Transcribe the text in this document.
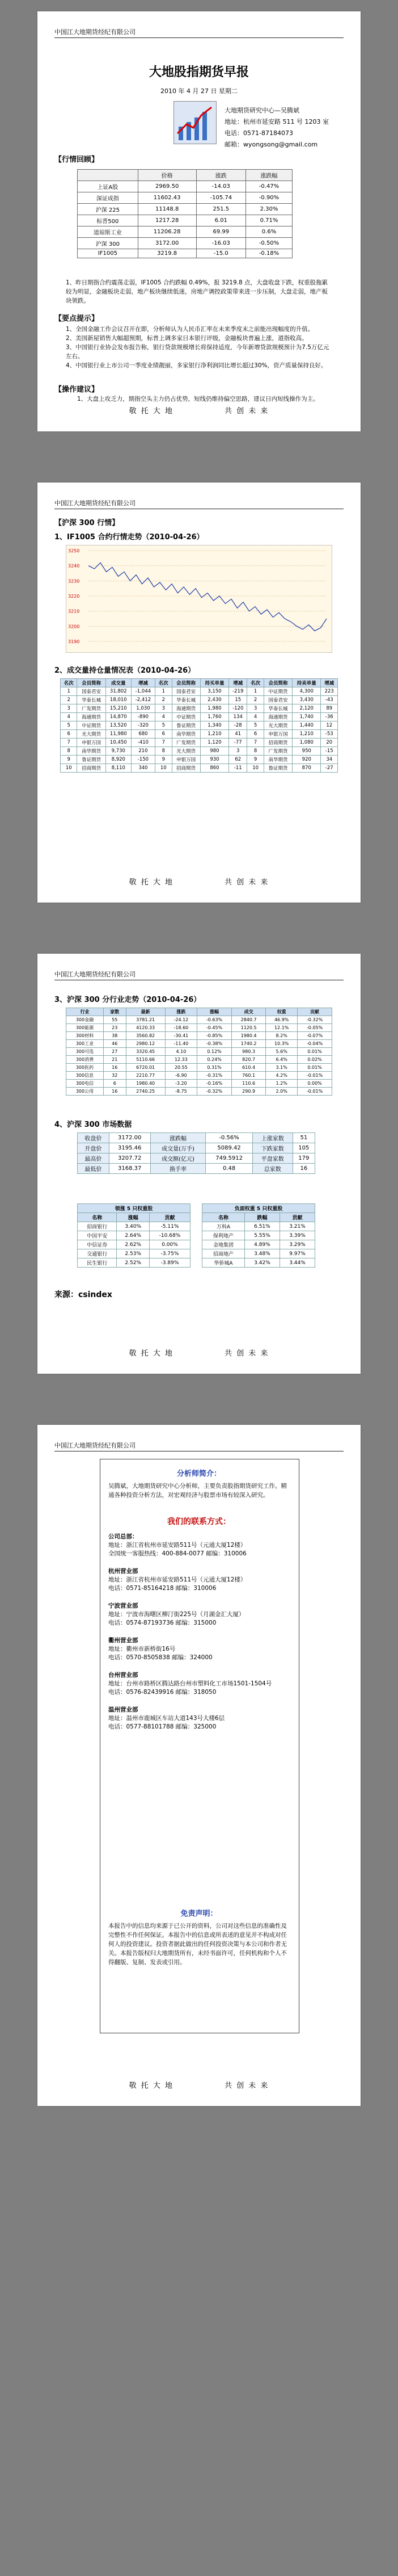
中国江大地期货经纪有限公司
大地股指期货早报
2010 年 4 月 27 日 星期二
大地期货研究中心—吴腾斌
地址：杭州市延安路 511 号 1203 室
电话：0571-87184073
邮箱：wyongsong@gmail.com
【行情回顾】
	价格	涨跌	涨跌幅
上证A股	2969.50	-14.03	-0.47%
深证成指	11602.43	-105.74	-0.90%
沪深 225	11148.8	251.5	2.30%
标普500	1217.28	6.01	0.71%
道琼斯工业	11206.28	69.99	0.6%
沪深 300	3172.00	-16.03	-0.50%
IF1005	3219.8	-15.0	-0.18%
1、昨日期指合约震荡走弱，IF1005 合约跌幅 0.49%，报 3219.8 点，大盘收盘下跌，权重股拖累较为明显，金融板块走弱，地产板块继续低迷，房地产调控政策带来进一步压制，大盘走弱，地产板块领跌。
【要点提示】
1、全国金融工作会议召开在即，分析师认为人民币汇率在未来季度末之前能出现幅度的升值。
2、美国新屋销售大幅超预期，标普上调多家日本银行评级，金融板块普遍上涨，道指收高。
3、中国银行业协会发布报告称，银行贷款规模增长将保持适度，今年新增贷款规模预计为7.5万亿元左右。
4、中国银行业上市公司一季度业绩靓丽，多家银行净利润同比增长超过30%，资产质量保持良好。
【操作建议】
1、大盘上攻乏力，期指空头主力仍占优势，短线仍维持偏空思路，建议日内短线操作为主。
敬 托 大 地	共 创 未 来
中国江大地期货经纪有限公司
【沪深 300 行情】
1、IF1005 合约行情走势（2010-04-26）
3190
3200
3210
3220
3230
3240
3250
2、成交量持仓量情况表（2010-04-26）
名次	会员简称	成交量	增减	名次	会员简称	持买单量	增减	名次	会员简称	持卖单量	增减
1	国泰君安	31,802	-1,044	1	国泰君安	3,150	-219	1	中证期货	4,300	223
2	华泰长城	18,010	-2,412	2	华泰长城	2,430	15	2	国泰君安	3,430	-43
3	广发期货	15,210	1,030	3	海通期货	1,980	-120	3	华泰长城	2,120	89
4	海通期货	14,870	-890	4	中证期货	1,760	134	4	海通期货	1,740	-36
5	中证期货	13,520	-320	5	鲁证期货	1,340	-28	5	光大期货	1,440	12
6	光大期货	11,980	680	6	南华期货	1,210	41	6	申银万国	1,210	-53
7	申银万国	10,450	-410	7	广发期货	1,120	-77	7	招商期货	1,080	20
8	南华期货	9,730	210	8	光大期货	980	3	8	广发期货	950	-15
9	鲁证期货	8,920	-150	9	申银万国	930	62	9	南华期货	920	34
10	招商期货	8,110	340	10	招商期货	860	-11	10	鲁证期货	870	-27
敬 托 大 地	共 创 未 来
中国江大地期货经纪有限公司
3、沪深 300 分行业走势（2010-04-26）
行业	家数	最新	涨跌	涨幅	成交	权重	贡献
300金融	55	3781.21	-24.12	-0.63%	2840.7	46.9%	-0.32%
300能源	23	4120.33	-18.60	-0.45%	1120.5	12.1%	-0.05%
300材料	38	3560.82	-30.41	-0.85%	1980.4	8.2%	-0.07%
300工业	46	2980.12	-11.40	-0.38%	1740.2	10.3%	-0.04%
300可选	27	3320.45	4.10	0.12%	980.3	5.6%	0.01%
300消费	21	5110.66	12.33	0.24%	820.7	6.4%	0.02%
300医药	16	6720.01	20.55	0.31%	610.4	3.1%	0.01%
300信息	32	2210.77	-6.90	-0.31%	760.1	4.2%	-0.01%
300电信	6	1980.40	-3.20	-0.16%	110.6	1.2%	0.00%
300公用	16	2740.25	-8.75	-0.32%	290.9	2.0%	-0.01%
4、沪深 300 市场数据
收盘价	3172.00	涨跌幅	-0.56%	上涨家数	51
开盘价	3195.46	成交量(万手)	5089.42	下跌家数	105
最高价	3207.72	成交额(亿元)	749.5912	平盘家数	179
最低价	3168.37	换手率	0.48	总家数	16
领涨 5 只权重股		
名称	涨幅	贡献
招商银行	3.40%	-5.11%
中国平安	2.64%	-10.68%
中信证券	2.62%	0.00%
交通银行	2.53%	-3.75%
民生银行	2.52%	-3.89%
负面权重 5 只权重股		
名称	跌幅	贡献
万科A	6.51%	3.21%
保利地产	5.55%	3.39%
金地集团	4.89%	3.29%
招商地产	3.48%	9.97%
华侨城A	3.42%	3.44%
来源：csindex
敬 托 大 地	共 创 未 来
中国江大地期货经纪有限公司
分析师简介：
吴腾斌，大地期货研究中心分析师，主要负责股指期货研究工作。精通各种投资分析方法，对宏观经济与股票市场有较深入研究。
我们的联系方式：
公司总部：
地址：浙江省杭州市延安路511号（元通大厦12楼）
全国统一客服热线：400-884-0077 邮编：310006
杭州营业部
地址：浙江省杭州市延安路511号（元通大厦12楼）
电话：0571-85164218 邮编：310006
宁波营业部
地址：宁波市海曙区柳汀街225号（月湖金汇大厦）
电话：0574-87193736 邮编：315000
衢州营业部
地址：衢州市新桥街16号
电话：0570-8505838 邮编：324000
台州营业部
地址：台州市路桥区腾达路台州市塑料化工市场1501-1504号
电话：0576-82439916 邮编：318050
温州营业部
地址：温州市鹿城区车站大道143号大楼6层
电话：0577-88101788 邮编：325000
免责声明：
本报告中的信息均来源于已公开的资料，公司对这些信息的准确性及完整性不作任何保证。本报告中的信息或所表述的意见并不构成对任何人的投资建议。投资者据此做出的任何投资决策与本公司和作者无关。本报告版权归大地期货所有，未经书面许可，任何机构和个人不得翻版、复制、发表或引用。
敬 托 大 地	共 创 未 来
